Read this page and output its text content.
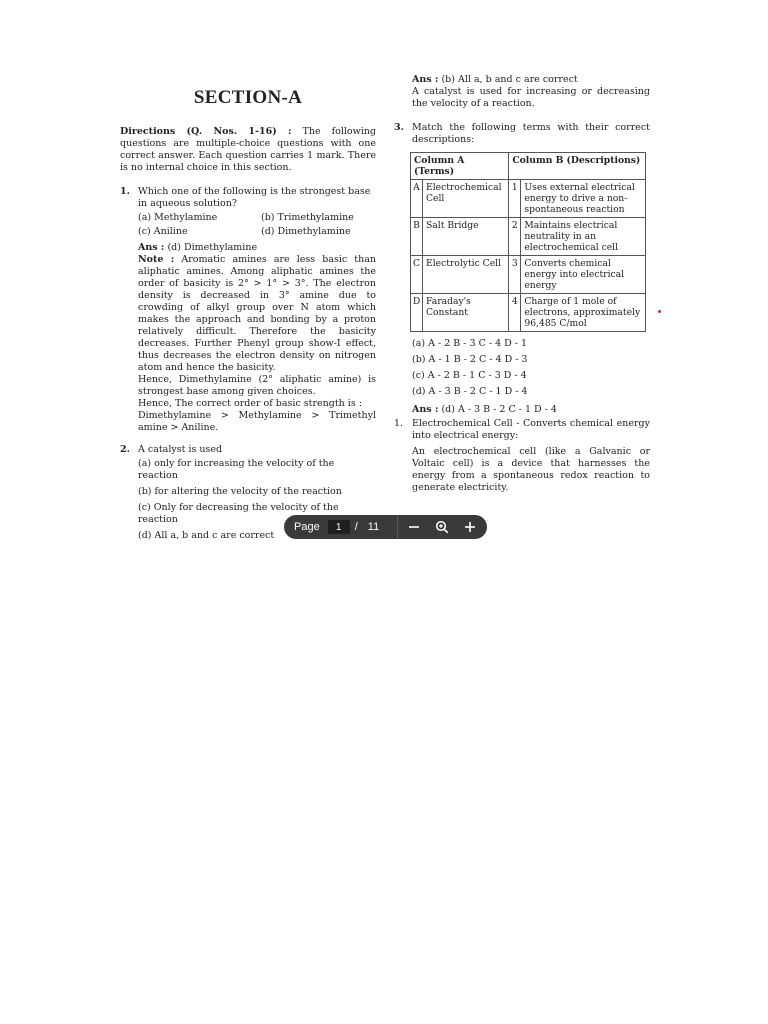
SECTION-A
Directions (Q. Nos. 1-16) : The following questions are multiple-choice questions with one correct answer. Each question carries 1 mark. There is no internal choice in this section.
1. Which one of the following is the strongest base in aqueous solution?
(a) Methylamine	(b) Trimethylamine
(c) Aniline	(d) Dimethylamine
Ans : (d) Dimethylamine
Note : Aromatic amines are less basic than aliphatic amines. Among aliphatic amines the order of basicity is 2° > 1° > 3°. The electron density is decreased in 3° amine due to crowding of alkyl group over N atom which makes the approach and bonding by a proton relatively difficult. Therefore the basicity decreases. Further Phenyl group show-I effect, thus decreases the electron density on nitrogen atom and hence the basicity.
Hence, Dimethylamine (2° aliphatic amine) is strongest base among given choices.
Hence, The correct order of basic strength is :
Dimethylamine > Methylamine > Trimethyl amine > Aniline.
2. A catalyst is used
(a) only for increasing the velocity of the reaction
(b) for altering the velocity of the reaction
(c) Only for decreasing the velocity of the reaction
(d) All a, b and c are correct
Ans : (b) All a, b and c are correct
A catalyst is used for increasing or decreasing the velocity of a reaction.
3. Match the following terms with their correct descriptions:
Column A (Terms)		Column B (Descriptions)	
A	Electrochemical Cell	1	Uses external electrical energy to drive a non-spontaneous reaction
B	Salt Bridge	2	Maintains electrical neutrality in an electrochemical cell
C	Electrolytic Cell	3	Converts chemical energy into electrical energy
D	Faraday's Constant	4	Charge of 1 mole of electrons, approximately 96,485 C/mol
(a) A - 2 B - 3 C - 4 D - 1
(b) A - 1 B - 2 C - 4 D - 3
(c) A - 2 B - 1 C - 3 D - 4
(d) A - 3 B - 2 C - 1 D - 4
Ans : (d) A - 3 B - 2 C - 1 D - 4
1. Electrochemical Cell - Converts chemical energy into electrical energy:
An electrochemical cell (like a Galvanic or Voltaic cell) is a device that harnesses the energy from a spontaneous redox reaction to generate electricity.
Page
1	/ 11
